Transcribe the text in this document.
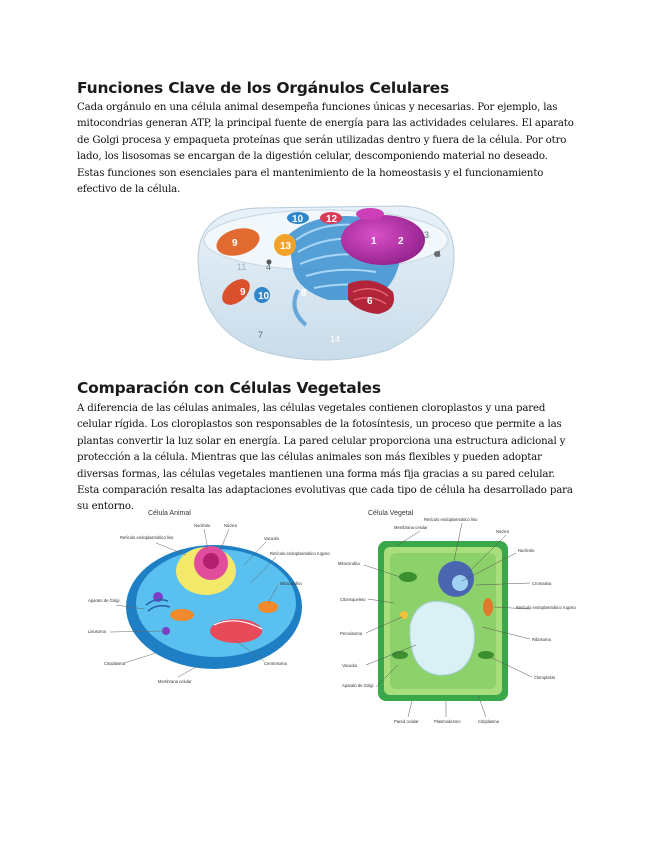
Funciones Clave de los Orgánulos Celulares

Cada orgánulo en una célula animal desempeña funciones únicas y necesarias. Por ejemplo, las mitocondrias generan ATP, la principal fuente de energía para las actividades celulares. El aparato de Golgi procesa y empaqueta proteínas que serán utilizadas dentro y fuera de la célula. Por otro lado, los lisosomas se encargan de la digestión celular, descomponiendo material no deseado. Estas funciones son esenciales para el mantenimiento de la homeostasis y el funcionamiento efectivo de la célula.

1 2
6
8
9
9
10
10 12
13
3
4
4
7
11
14
Comparación con Células Vegetales

A diferencia de las células animales, las células vegetales contienen cloroplastos y una pared celular rígida. Los cloroplastos son responsables de la fotosíntesis, un proceso que permite a las plantas convertir la luz solar en energía. La pared celular proporciona una estructura adicional y protección a la célula. Mientras que las células animales son más flexibles y pueden adoptar diversas formas, las células vegetales mantienen una forma más fija gracias a su pared celular. Esta comparación resalta las adaptaciones evolutivas que cada tipo de célula ha desarrollado para su entorno.

Célula Animal
Retículo endoplasmático liso
Nucléolo	Núcleo
Vacuola
Retículo endoplasmático rugoso
Mitocondria
Aparato de Golgi
Lisosoma
Citoplasma	Centrosoma
Membrana celular
Célula Vegetal
Retículo endoplasmático liso
Membrana celular
Núcleo
Nucleolo
Mitocondria
Cromatina
Citoesqueleto
Retículo endoplasmático rugoso
Peroxisoma
Ribosoma
Vacuola
Cloroplasto
Aparato de Golgi
Pared celular	Plasmodesmo	Citoplasma
